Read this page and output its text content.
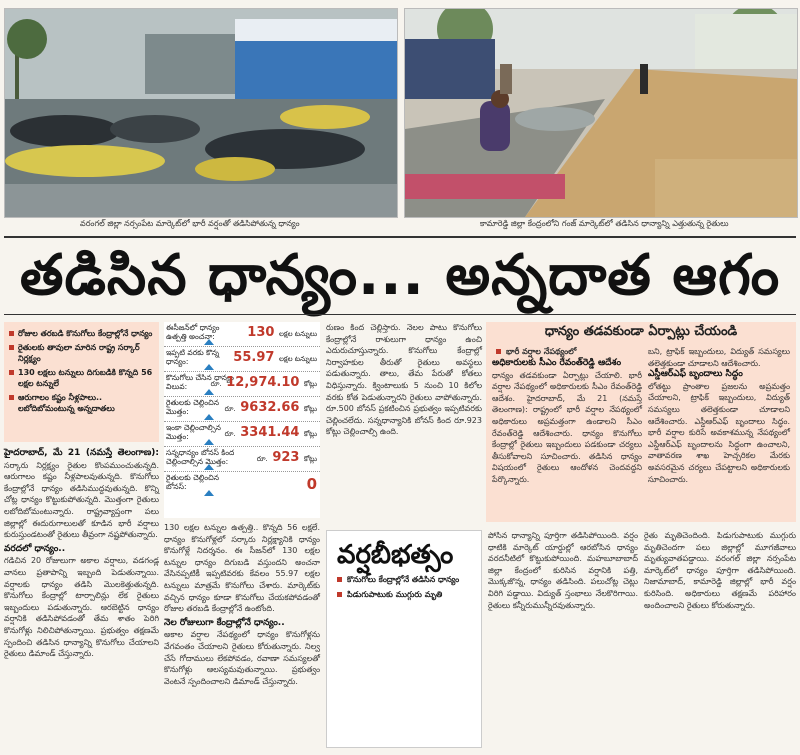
వరంగల్ జిల్లా నర్సంపేట మార్కెట్‌లో భారీ వర్షంతో తడిసిపోతున్న ధాన్యం	కామారెడ్డి జిల్లా కేంద్రంలోని గంజ్ మార్కెట్‌లో తడిసిన ధాన్యాన్ని ఎత్తుతున్న రైతులు
తడిసిన ధాన్యం... అన్నదాత ఆగం
రోజుల తరబడి కొనుగోలు కేంద్రాల్లోనే ధాన్యం
రైతులకు తావులా మారిన రాష్ట్ర సర్కార్ నిర్లక్ష్యం
130 లక్షలు టన్నులు దిగుబడికి కొన్నది 56 లక్షల టన్నులే
ఆరుగాలం కష్టం నీళ్లపాలు.. లబోదిబోమంటున్న అన్నదాతలు
హైదరాబాద్, మే 21 (నమస్తే తెలంగాణ): సర్కారు నిర్లక్ష్యం రైతుల కొంపముంచుతున్నది. ఆరుగాలం కష్టం నీళ్లపాలవుతున్నది. కొనుగోలు కేంద్రాల్లోనే ధాన్యం తడిసిముద్దవుతున్నది. కొన్ని చోట్ల ధాన్యం కొట్టుకుపోతున్నది. మొత్తంగా రైతులు లబోదిబోమంటున్నారు. రాష్ట్రవ్యాప్తంగా పలు జిల్లాల్లో ఈదురుగాలులతో కూడిన భారీ వర్షాలు కురుస్తుండటంతో రైతులు తీవ్రంగా నష్టపోతున్నారు.
వరదలో ధాన్యం..
గడిచిన 20 రోజులుగా అకాల వర్షాలు, వడగండ్ల వానలు ప్రతాపాన్ని ఇబ్బంది పెడుతున్నాయి. వర్షాలకు ధాన్యం తడిసి మొలకెత్తుతున్నది. కొనుగోలు కేంద్రాల్లో టార్పాలిన్లు లేక రైతులు ఇబ్బందులు పడుతున్నారు. ఆరబెట్టిన ధాన్యం వర్షానికి తడిసిపోవడంతో తేమ శాతం పెరిగి కొనుగోళ్లు నిలిచిపోతున్నాయి. ప్రభుత్వం తక్షణమే స్పందించి తడిసిన ధాన్యాన్ని కొనుగోలు చేయాలని రైతులు డిమాండ్ చేస్తున్నారు.
ఈసీజన్‌లో ధాన్యం ఉత్పత్తి అంచనా:	130 లక్షల టన్నులు
ఇప్పటి వరకు కొన్న ధాన్యం:	55.97 లక్షల టన్నులు
కొనుగోలు చేసిన ధాన్యం విలువ:	రూ. 12,974.10 కోట్లు
రైతులకు చెల్లించిన మొత్తం:	రూ. 9632.66 కోట్లు
ఇంకా చెల్లించాల్సిన మొత్తం:	రూ. 3341.44 కోట్లు
సన్నధాన్యం బోనస్ కింద చెల్లించాల్సిన మొత్తం:	రూ. 923 కోట్లు
రైతులకు చెల్లించిన బోనస్:	0
130 లక్షల టన్నుల ఉత్పత్తి.. కొన్నది 56 లక్షలే. ధాన్యం కొనుగోళ్లలో సర్కారు నిర్లక్ష్యానికి ధాన్యం కొనుగోళ్లే నిదర్శనం. ఈ సీజన్‌లో 130 లక్షల టన్నుల ధాన్యం దిగుబడి వస్తుందని అంచనా వేసినప్పటికీ ఇప్పటివరకు కేవలం 55.97 లక్షల టన్నులు మాత్రమే కొనుగోలు చేశారు. మార్కెట్‌కు వచ్చిన ధాన్యం కూడా కొనుగోలు చేయకపోవడంతో రోజుల తరబడి కేంద్రాల్లోనే ఉంటోంది.
నెల రోజులుగా కేంద్రాల్లోనే ధాన్యం..
అకాల వర్షాల నేపథ్యంలో ధాన్యం కొనుగోళ్లను వేగవంతం చేయాలని రైతులు కోరుతున్నారు. నిల్వ చేసే గోదాములు లేకపోవడం, రవాణా సమస్యలతో కొనుగోళ్లు ఆలస్యమవుతున్నాయి. ప్రభుత్వం వెంటనే స్పందించాలని డిమాండ్ చేస్తున్నారు.
రుణం కింద చెల్లిస్తారు. నెలల పాటు కొనుగోలు కేంద్రాల్లోనే రాశులుగా ధాన్యం ఉంచి ఎదురుచూస్తున్నారు. కొనుగోలు కేంద్రాల్లో నిర్వాహకుల తీరుతో రైతులు అవస్థలు పడుతున్నారు. తాలు, తేమ పేరుతో కోతలు విధిస్తున్నారు. క్వింటాలుకు 5 నుంచి 10 కిలోల వరకు కోత పెడుతున్నారని రైతులు వాపోతున్నారు. రూ.500 బోనస్ ప్రకటించిన ప్రభుత్వం ఇప్పటివరకు చెల్లించలేదు. సన్నధాన్యానికి బోనస్ కింద రూ.923 కోట్లు చెల్లించాల్సి ఉంది.
ధాన్యం తడవకుండా ఏర్పాట్లు చేయండి
భారీ వర్షాల నేపథ్యంలో
అధికారులకు సీఎం రేవంత్‌రెడ్డి ఆదేశం
ధాన్యం తడవకుండా ఏర్పాట్లు చేయాలి. భారీ వర్షాల నేపథ్యంలో అధికారులకు సీఎం రేవంత్‌రెడ్డి ఆదేశం. హైదరాబాద్, మే 21 (నమస్తే తెలంగాణ): రాష్ట్రంలో భారీ వర్షాల నేపథ్యంలో అధికారులు అప్రమత్తంగా ఉండాలని సీఎం రేవంత్‌రెడ్డి ఆదేశించారు. ధాన్యం కొనుగోలు కేంద్రాల్లో రైతులు ఇబ్బందులు పడకుండా చర్యలు తీసుకోవాలని సూచించారు. తడిసిన ధాన్యం విషయంలో రైతులు ఆందోళన చెందవద్దని పేర్కొన్నారు.
బని, ట్రాఫిక్ ఇబ్బందులు, విద్యుత్ సమస్యలు తలెత్తకుండా చూడాలని ఆదేశించారు.
ఎస్డీఆర్ఎఫ్ బృందాలు సిద్ధం
లోతట్టు ప్రాంతాల ప్రజలను అప్రమత్తం చేయాలని, ట్రాఫిక్ ఇబ్బందులు, విద్యుత్ సమస్యలు తలెత్తకుండా చూడాలని ఆదేశించారు. ఎస్డీఆర్ఎఫ్ బృందాలు సిద్ధం. భారీ వర్షాల కురిసే అవకాశమున్న నేపథ్యంలో ఎస్డీఆర్ఎఫ్ బృందాలను సిద్ధంగా ఉంచాలని, వాతావరణ శాఖ హెచ్చరికల మేరకు అవసరమైన చర్యలు చేపట్టాలని అధికారులకు సూచించారు.
వర్షబీభత్సం
కొనుగోలు కేంద్రాల్లోనే తడిసిన ధాన్యం
పిడుగుపాటుకు ముగ్గురు మృతి
పోసిన ధాన్యాన్ని పూర్తిగా తడిసిపోయింది. వర్షం ధాటికి మార్కెట్ యార్డుల్లో ఆరబోసిన ధాన్యం వరదనీటిలో కొట్టుకుపోయింది. మహబూబాబాద్ జిల్లా కేంద్రంలో కురిసిన వర్షానికి పత్తి, మొక్కజొన్న, ధాన్యం తడిసింది. పలుచోట్ల చెట్లు విరిగి పడ్డాయి. విద్యుత్ స్తంభాలు నేలకొరిగాయి. రైతులు కన్నీరుమున్నీరవుతున్నారు.
రైతు మృతిచెందింది. పిడుగుపాటుకు ముగ్గురు మృతిచెందగా పలు జిల్లాల్లో మూగజీవాలు మృత్యువాతపడ్డాయి. వరంగల్ జిల్లా నర్సంపేట మార్కెట్‌లో ధాన్యం పూర్తిగా తడిసిపోయింది. నిజామాబాద్, కామారెడ్డి జిల్లాల్లో భారీ వర్షం కురిసింది. అధికారులు తక్షణమే పరిహారం అందించాలని రైతులు కోరుతున్నారు.
